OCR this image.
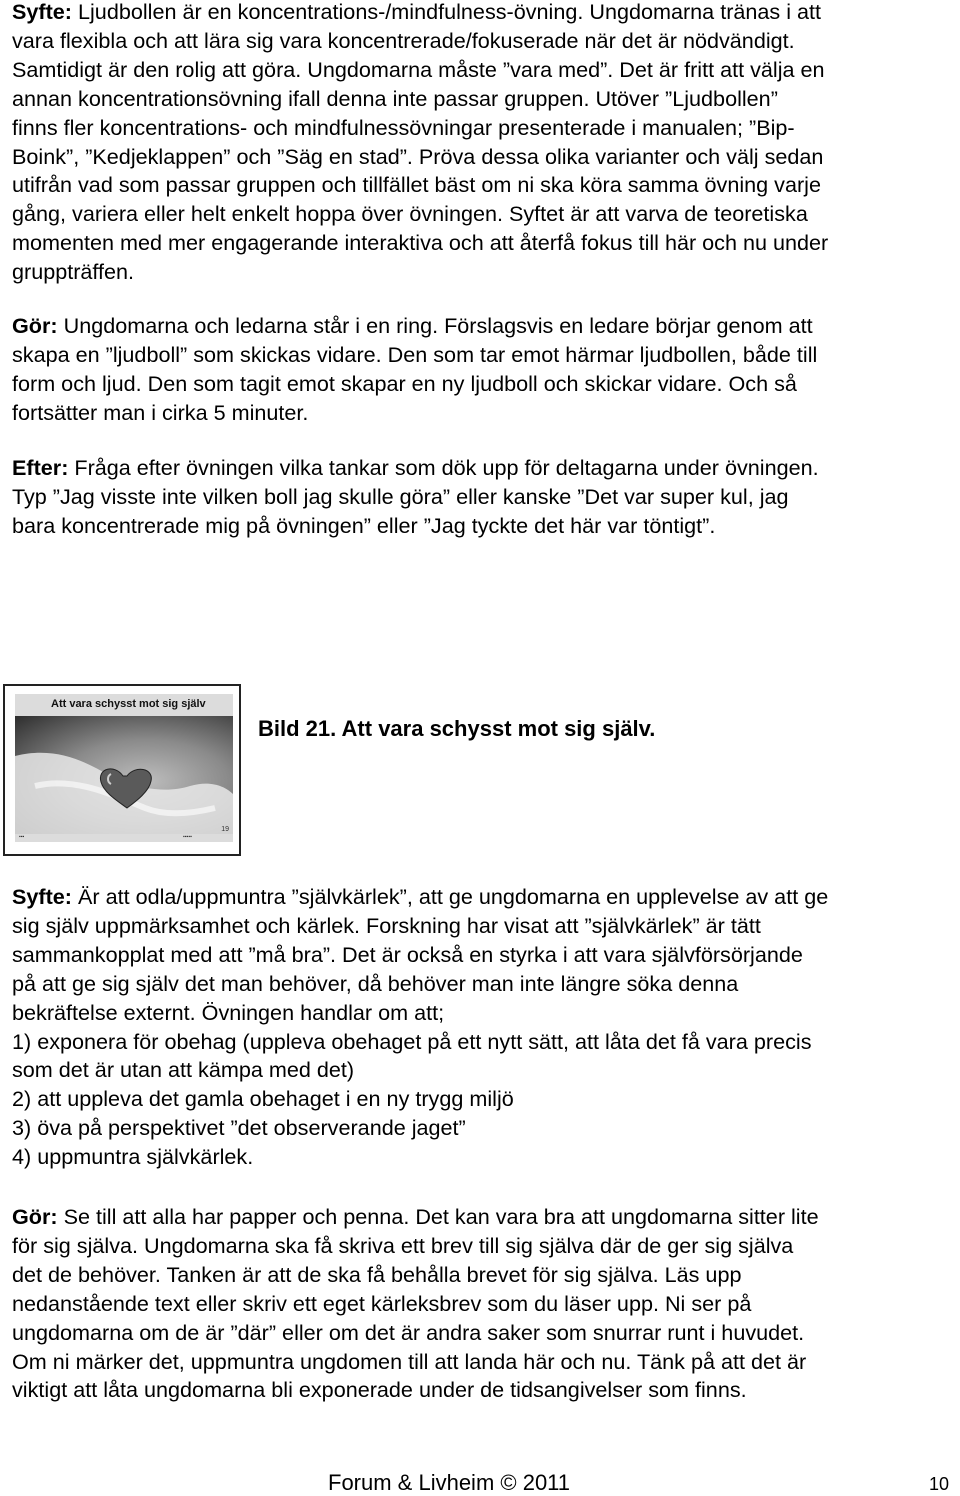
Syfte: Ljudbollen är en koncentrations-/mindfulness-övning. Ungdomarna tränas i att
vara flexibla och att lära sig vara koncentrerade/fokuserade när det är nödvändigt.
Samtidigt är den rolig att göra. Ungdomarna måste ”vara med”. Det är fritt att välja en
annan koncentrationsövning ifall denna inte passar gruppen. Utöver ”Ljudbollen”
finns fler koncentrations- och mindfulnessövningar presenterade i manualen; ”Bip-
Boink”, ”Kedjeklappen” och ”Säg en stad”. Pröva dessa olika varianter och välj sedan
utifrån vad som passar gruppen och tillfället bäst om ni ska köra samma övning varje
gång, variera eller helt enkelt hoppa över övningen. Syftet är att varva de teoretiska
momenten med mer engagerande interaktiva och att återfå fokus till här och nu under
gruppträffen.
Gör: Ungdomarna och ledarna står i en ring. Förslagsvis en ledare börjar genom att
skapa en ”ljudboll” som skickas vidare. Den som tar emot härmar ljudbollen, både till
form och ljud. Den som tagit emot skapar en ny ljudboll och skickar vidare. Och så
fortsätter man i cirka 5 minuter.
Efter: Fråga efter övningen vilka tankar som dök upp för deltagarna under övningen.
Typ ”Jag visste inte vilken boll jag skulle göra” eller kanske ”Det var super kul, jag
bara koncentrerade mig på övningen” eller ”Jag tyckte det här var töntigt”.
Att vara schysst mot sig själv
▪▪▪	▪▪▪▪▪
19
Bild 21. Att vara schysst mot sig själv.
Syfte: Är att odla/uppmuntra ”självkärlek”, att ge ungdomarna en upplevelse av att ge
sig själv uppmärksamhet och kärlek. Forskning har visat att ”självkärlek” är tätt
sammankopplat med att ”må bra”. Det är också en styrka i att vara självförsörjande
på att ge sig själv det man behöver, då behöver man inte längre söka denna
bekräftelse externt. Övningen handlar om att;
1) exponera för obehag (uppleva obehaget på ett nytt sätt, att låta det få vara precis
som det är utan att kämpa med det)
2) att uppleva det gamla obehaget i en ny trygg miljö
3) öva på perspektivet ”det observerande jaget”
4) uppmuntra självkärlek.
Gör: Se till att alla har papper och penna. Det kan vara bra att ungdomarna sitter lite
för sig själva. Ungdomarna ska få skriva ett brev till sig själva där de ger sig själva
det de behöver. Tanken är att de ska få behålla brevet för sig själva. Läs upp
nedanstående text eller skriv ett eget kärleksbrev som du läser upp. Ni ser på
ungdomarna om de är ”där” eller om det är andra saker som snurrar runt i huvudet.
Om ni märker det, uppmuntra ungdomen till att landa här och nu. Tänk på att det är
viktigt att låta ungdomarna bli exponerade under de tidsangivelser som finns.
Forum & Livheim © 2011	10
